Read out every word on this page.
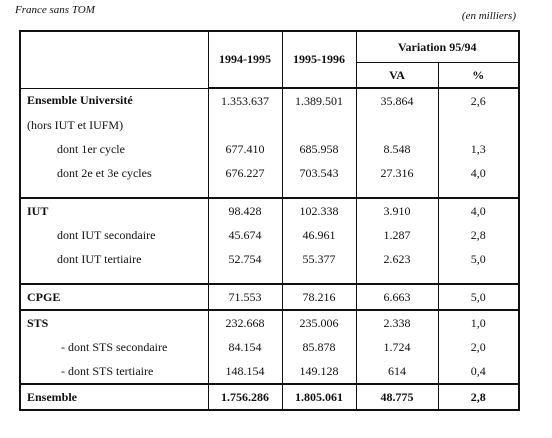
France sans TOM	(en milliers)
	1994-1995	1995-1996	Variation 95/94	
			VA	%
Ensemble Université	1.353.637	1.389.501	35.864	2,6
(hors IUT et IUFM)				
dont 1er cycle	677.410	685.958	8.548	1,3
dont 2e et 3e cycles	676.227	703.543	27.316	4,0

IUT	98.428	102.338	3.910	4,0
dont IUT secondaire	45.674	46.961	1.287	2,8
dont IUT tertiaire	52.754	55.377	2.623	5,0

CPGE	71.553	78.216	6.663	5,0
STS	232.668	235.006	2.338	1,0
- dont STS secondaire	84.154	85.878	1.724	2,0
- dont STS tertiaire	148.154	149.128	614	0,4
Ensemble	1.756.286	1.805.061	48.775	2,8
